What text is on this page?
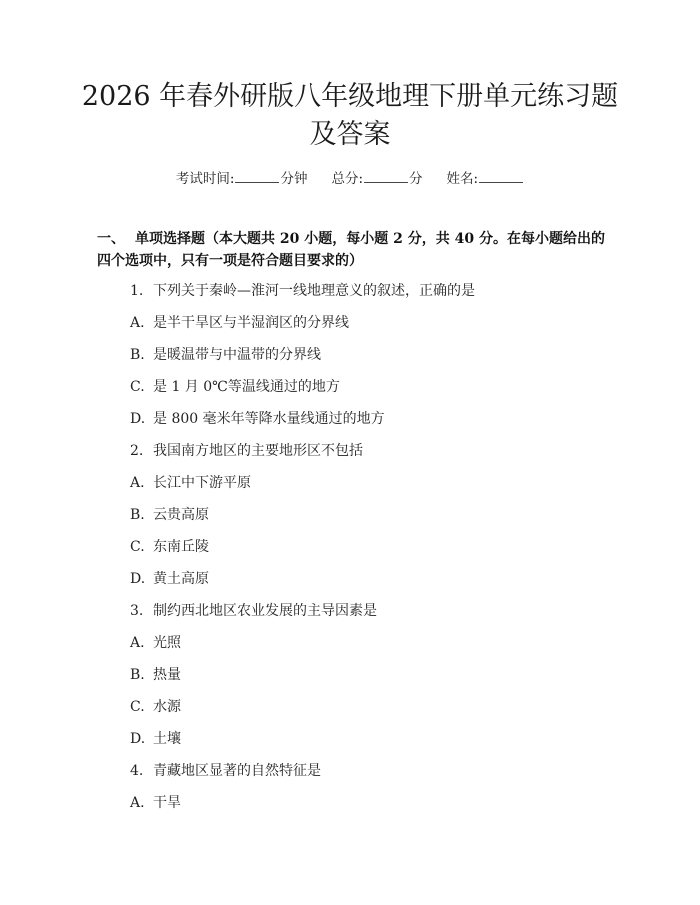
2026 年春外研版八年级地理下册单元练习题
及答案
考试时间:	分钟 总分:	分 姓名:
一、 单项选择题（本大题共 20 小题，每小题 2 分，共 40 分。在每小题给出的四个选项中，只有一项是符合题目要求的）
1. 下列关于秦岭—淮河一线地理意义的叙述，正确的是
A. 是半干旱区与半湿润区的分界线
B. 是暖温带与中温带的分界线
C. 是 1 月 0℃等温线通过的地方
D. 是 800 毫米年等降水量线通过的地方
2. 我国南方地区的主要地形区不包括
A. 长江中下游平原
B. 云贵高原
C. 东南丘陵
D. 黄土高原
3. 制约西北地区农业发展的主导因素是
A. 光照
B. 热量
C. 水源
D. 土壤
4. 青藏地区显著的自然特征是
A. 干旱
